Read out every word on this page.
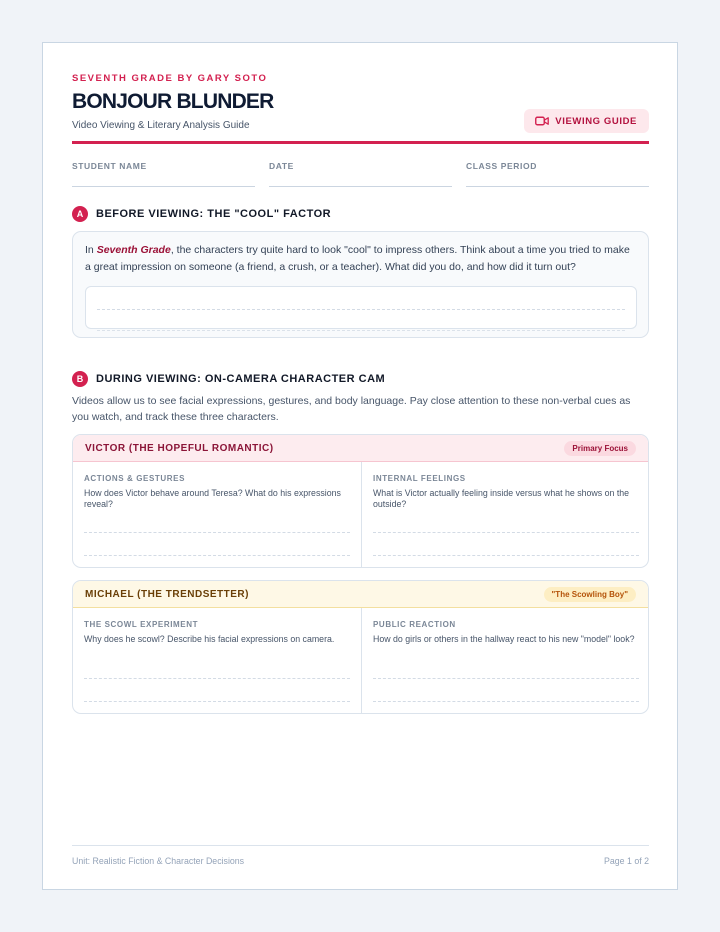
SEVENTH GRADE BY GARY SOTO
BONJOUR BLUNDER
Video Viewing & Literary Analysis Guide	VIEWING GUIDE
STUDENT NAME	DATE	CLASS PERIOD
A	BEFORE VIEWING: THE "COOL" FACTOR
In Seventh Grade, the characters try quite hard to look "cool" to impress others. Think about a time you tried to make a great impression on someone (a friend, a crush, or a teacher). What did you do, and how did it turn out?
B	DURING VIEWING: ON-CAMERA CHARACTER CAM
Videos allow us to see facial expressions, gestures, and body language. Pay close attention to these non-verbal cues as you watch, and track these three characters.
VICTOR (THE HOPEFUL ROMANTIC)	Primary Focus
ACTIONS & GESTURES
How does Victor behave around Teresa? What do his expressions reveal?
INTERNAL FEELINGS
What is Victor actually feeling inside versus what he shows on the outside?
MICHAEL (THE TRENDSETTER)	"The Scowling Boy"
THE SCOWL EXPERIMENT
Why does he scowl? Describe his facial expressions on camera.
PUBLIC REACTION
How do girls or others in the hallway react to his new "model" look?
Unit: Realistic Fiction & Character Decisions	Page 1 of 2
